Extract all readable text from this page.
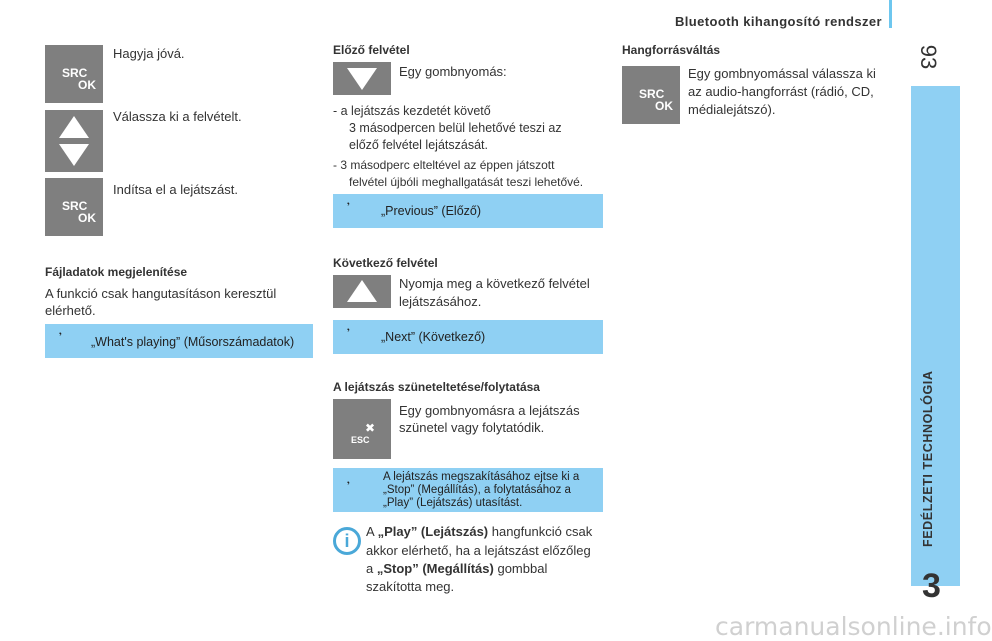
Bluetooth kihangosító rendszer
93
FEDÉLZETI TECHNOLÓGIA
3
SRC
OK
Hagyja jóvá.
Válassza ki a felvételt.
SRC
OK
Indítsa el a lejátszást.
Fájladatok megjelenítése
A funkció csak hangutasításon keresztül
elérhető.
𝄒 „What's playing” (Műsorszámadatok)
Előző felvétel
Egy gombnyomás:
- a lejátszás kezdetét követő
3 másodpercen belül lehetővé teszi az
előző felvétel lejátszását.
- 3 másodperc elteltével az éppen játszott
felvétel újbóli meghallgatását teszi lehetővé.
𝄒	„Previous” (Előző)
Következő felvétel
Nyomja meg a következő felvétel
lejátszásához.
𝄒	„Next” (Következő)
A lejátszás szüneteltetése/folytatása
ESC
✖
Egy gombnyomásra a lejátszás
szünetel vagy folytatódik.
𝄒
A lejátszás megszakításához ejtse ki a
„Stop” (Megállítás), a folytatásához a
„Play” (Lejátszás) utasítást.
i	A „Play” (Lejátszás) hangfunkció csak
akkor elérhető, ha a lejátszást előzőleg
a „Stop” (Megállítás) gombbal
szakította meg.
Hangforrásváltás
SRC
OK
Egy gombnyomással válassza ki
az audio-hangforrást (rádió, CD,
médialejátszó).
carmanualsonline.info
